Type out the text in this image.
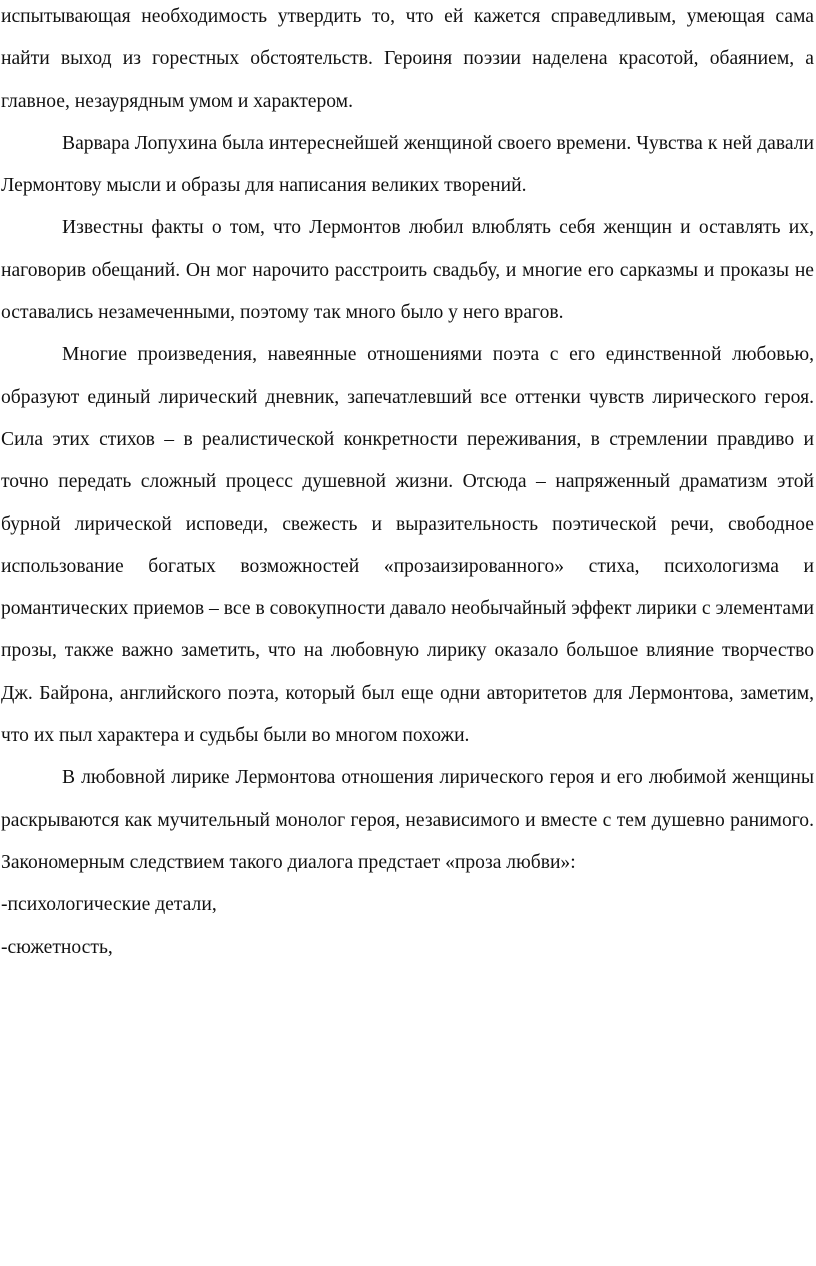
испытывающая необходимость утвердить то, что ей кажется справедливым, умеющая сама найти выход из горестных обстоятельств. Героиня поэзии наделена красотой, обаянием, а главное, незаурядным умом и характером.

Варвара Лопухина была интереснейшей женщиной своего времени. Чувства к ней давали Лермонтову мысли и образы для написания великих творений.

Известны факты о том, что Лермонтов любил влюблять себя женщин и оставлять их, наговорив обещаний. Он мог нарочито расстроить свадьбу, и многие его сарказмы и проказы не оставались незамеченными, поэтому так много было у него врагов.

Многие произведения, навеянные отношениями поэта с его единственной любовью, образуют единый лирический дневник, запечатлевший все оттенки чувств лирического героя. Сила этих стихов – в реалистической конкретности переживания, в стремлении правдиво и точно передать сложный процесс душевной жизни. Отсюда – напряженный драматизм этой бурной лирической исповеди, свежесть и выразительность поэтической речи, свободное использование богатых возможностей «прозаизированного» стиха, психологизма и романтических приемов – все в совокупности давало необычайный эффект лирики с элементами прозы, также важно заметить, что на любовную лирику оказало большое влияние творчество Дж. Байрона, английского поэта, который был еще одни авторитетов для Лермонтова, заметим, что их пыл характера и судьбы были во многом похожи.

В любовной лирике Лермонтова отношения лирического героя и его любимой женщины раскрываются как мучительный монолог героя, независимого и вместе с тем душевно ранимого. Закономерным следствием такого диалога предстает «проза любви»:

-психологические детали,

-сюжетность,
